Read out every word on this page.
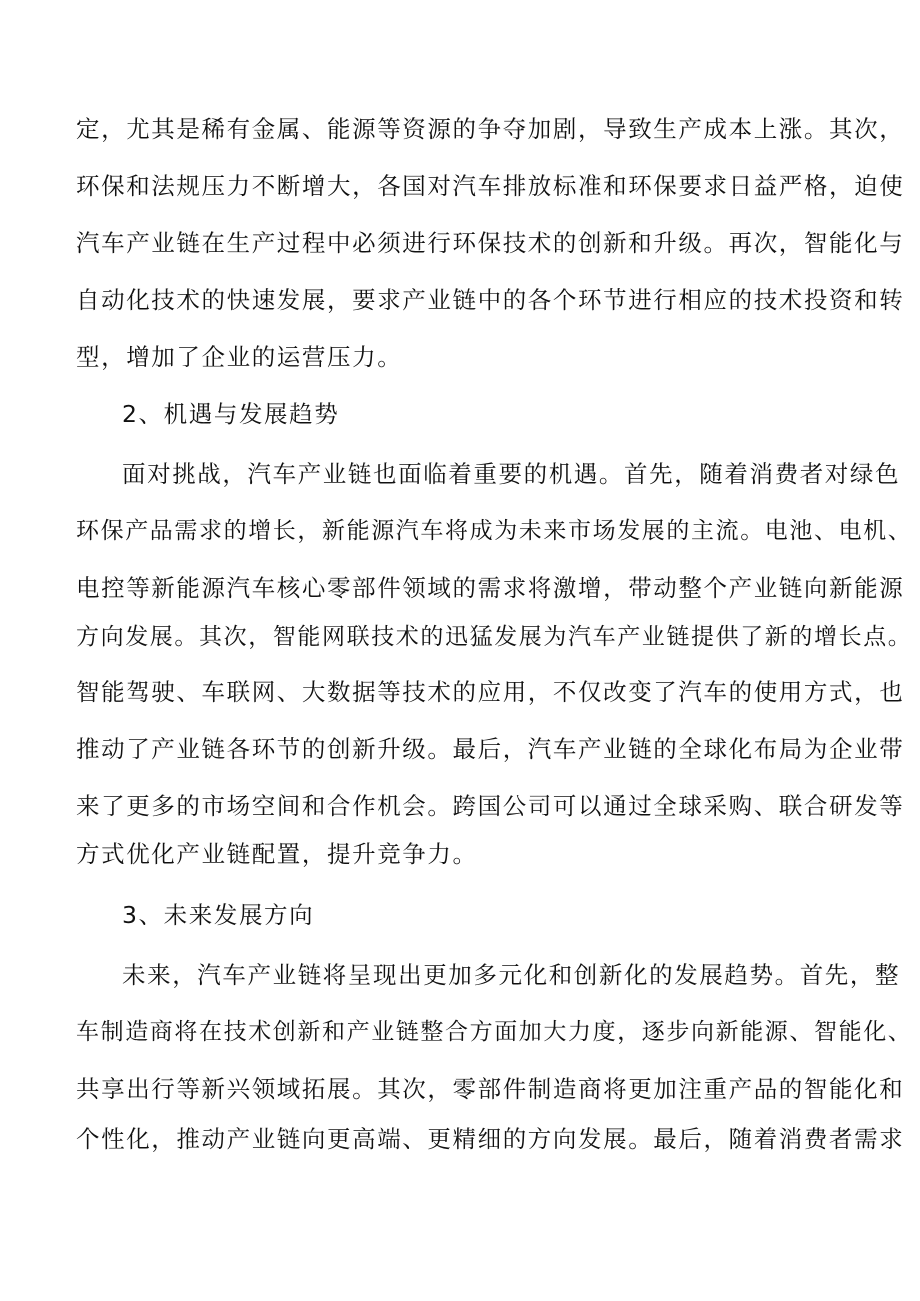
定，尤其是稀有金属、能源等资源的争夺加剧，导致生产成本上涨。其次，
环保和法规压力不断增大，各国对汽车排放标准和环保要求日益严格，迫使
汽车产业链在生产过程中必须进行环保技术的创新和升级。再次，智能化与
自动化技术的快速发展，要求产业链中的各个环节进行相应的技术投资和转
型，增加了企业的运营压力。
2、机遇与发展趋势
面对挑战，汽车产业链也面临着重要的机遇。首先，随着消费者对绿色
环保产品需求的增长，新能源汽车将成为未来市场发展的主流。电池、电机、
电控等新能源汽车核心零部件领域的需求将激增，带动整个产业链向新能源
方向发展。其次，智能网联技术的迅猛发展为汽车产业链提供了新的增长点。
智能驾驶、车联网、大数据等技术的应用，不仅改变了汽车的使用方式，也
推动了产业链各环节的创新升级。最后，汽车产业链的全球化布局为企业带
来了更多的市场空间和合作机会。跨国公司可以通过全球采购、联合研发等
方式优化产业链配置，提升竞争力。
3、未来发展方向
未来，汽车产业链将呈现出更加多元化和创新化的发展趋势。首先，整
车制造商将在技术创新和产业链整合方面加大力度，逐步向新能源、智能化、
共享出行等新兴领域拓展。其次，零部件制造商将更加注重产品的智能化和
个性化，推动产业链向更高端、更精细的方向发展。最后，随着消费者需求
